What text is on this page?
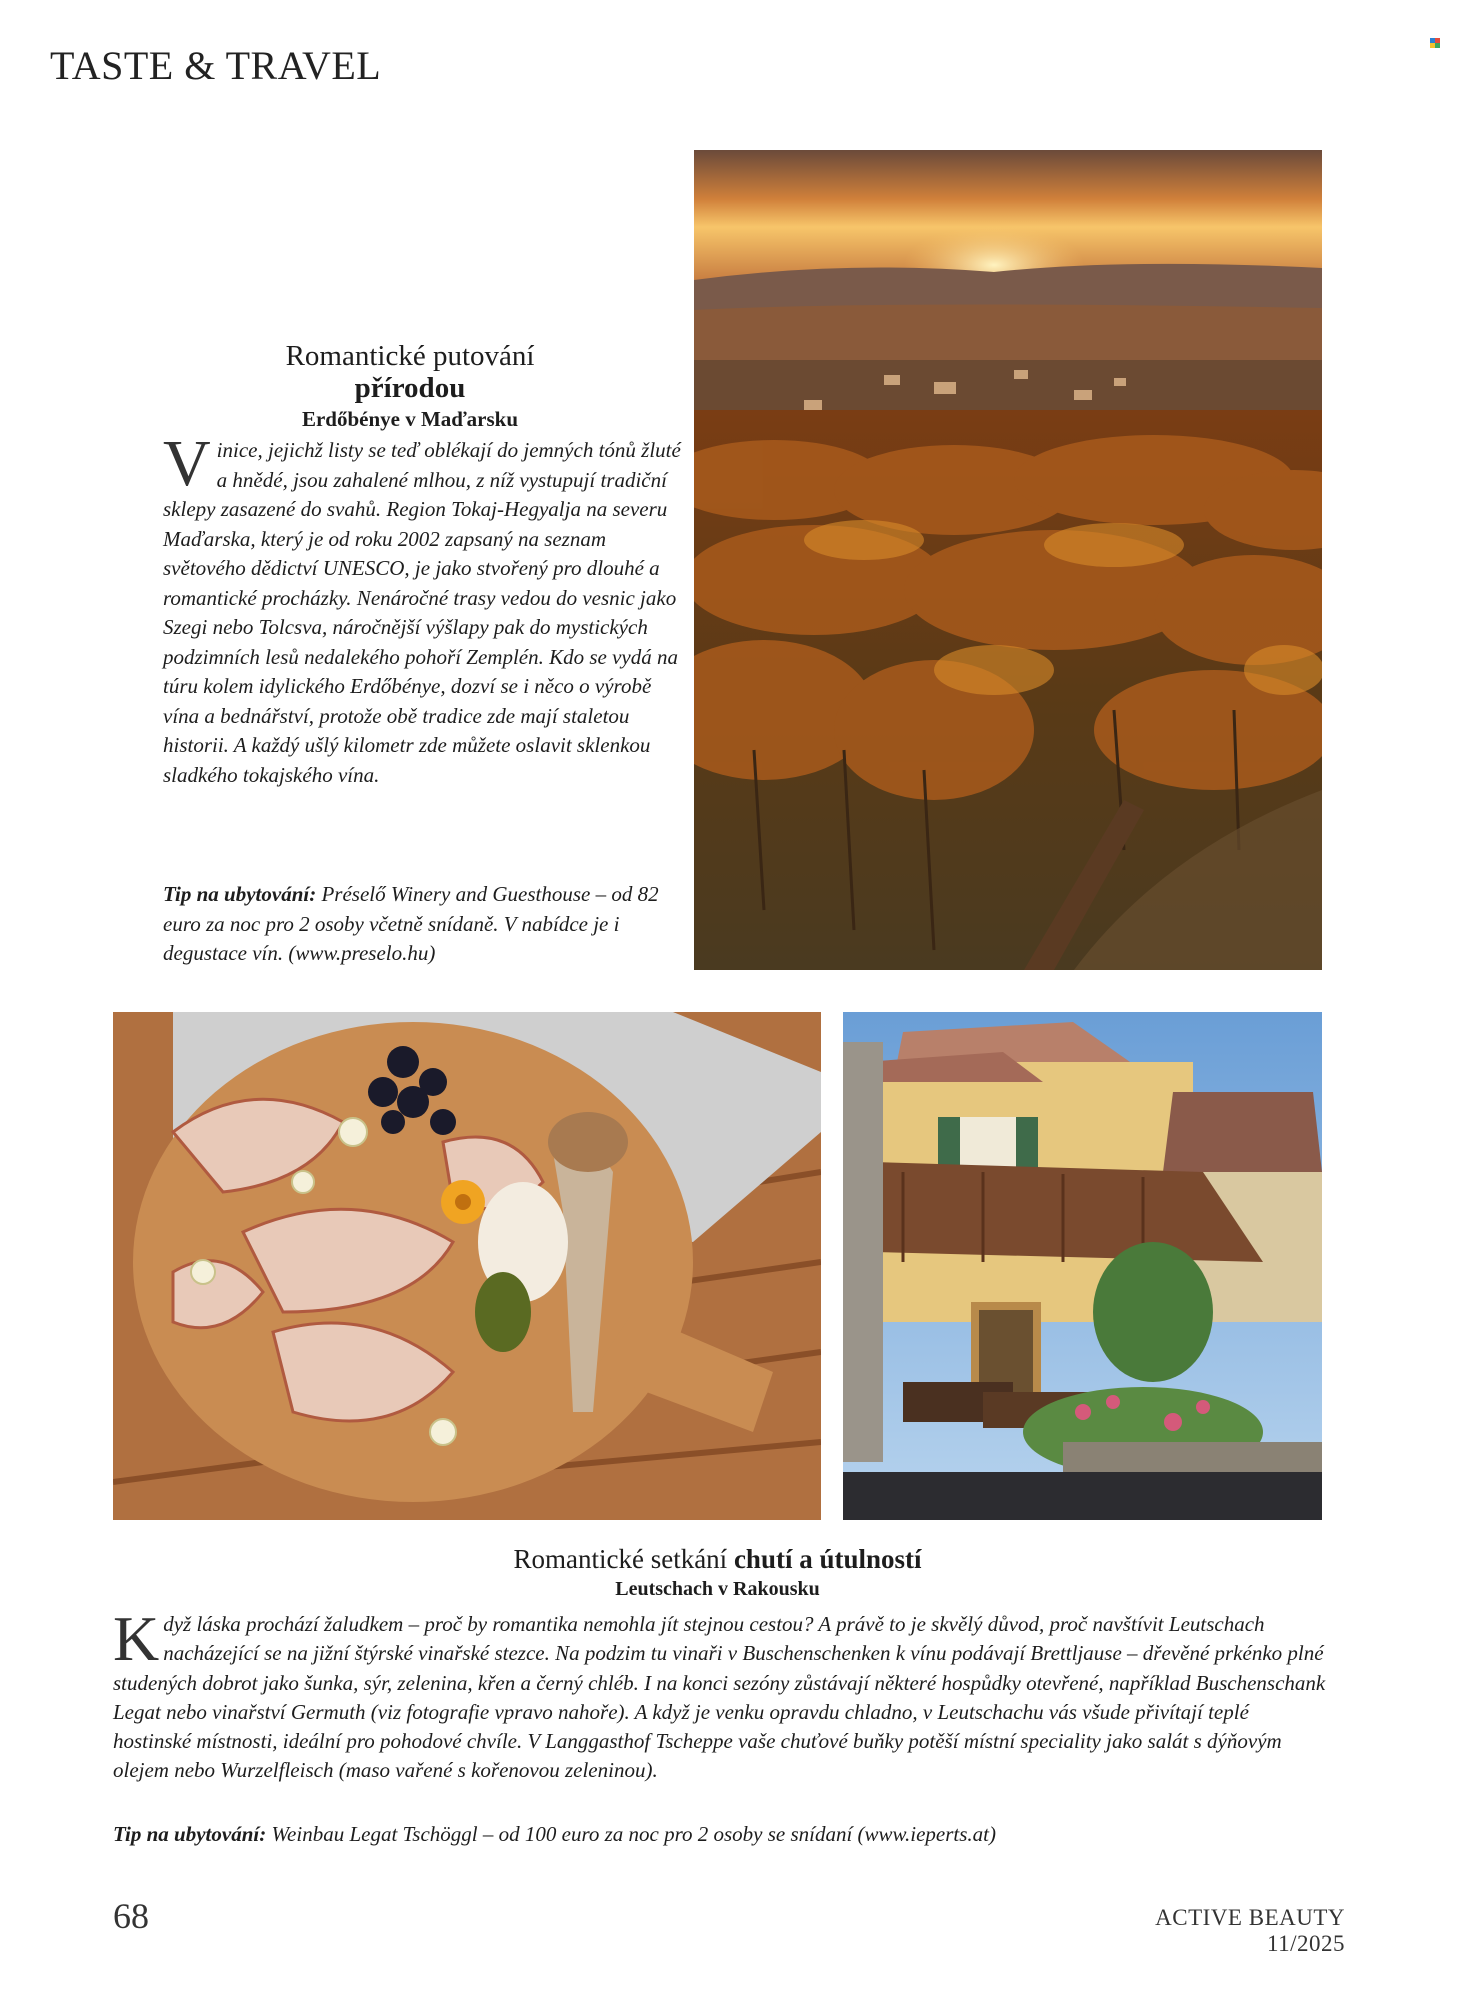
TASTE & TRAVEL
Romantické putování
přírodou
Erdőbénye v Maďarsku
Vinice, jejichž listy se teď oblékají do jemných tónů žluté a hnědé, jsou zahalené mlhou, z níž vystupují tradiční sklepy zasazené do svahů. Region Tokaj-Hegyalja na severu Maďarska, který je od roku 2002 zapsaný na seznam světového dědictví UNESCO, je jako stvořený pro dlouhé a romantické procházky. Nenáročné trasy vedou do vesnic jako Szegi nebo Tolcsva, náročnější výšlapy pak do mystických podzimních lesů nedalekého pohoří Zemplén. Kdo se vydá na túru kolem idylického Erdőbénye, dozví se i něco o výrobě vína a bednářství, protože obě tradice zde mají staletou historii. A každý ušlý kilometr zde můžete oslavit sklenkou sladkého tokajského vína.
Tip na ubytování: Préselő Winery and Guesthouse – od 82 euro za noc pro 2 osoby včetně snídaně. V nabídce je i degustace vín. (www.preselo.hu)
Romantické setkání chutí a útulností
Leutschach v Rakousku
Když láska prochází žaludkem – proč by romantika nemohla jít stejnou cestou? A právě to je skvělý důvod, proč navštívit Leutschach nacházející se na jižní štýrské vinařské stezce. Na podzim tu vinaři v Buschenschenken k vínu podávají Brettljause – dřevěné prkénko plné studených dobrot jako šunka, sýr, zelenina, křen a černý chléb. I na konci sezóny zůstávají některé hospůdky otevřené, například Buschenschank Legat nebo vinařství Germuth (viz fotografie vpravo nahoře). A když je venku opravdu chladno, v Leutschachu vás všude přivítají teplé hostinské místnosti, ideální pro pohodové chvíle. V Langgasthof Tscheppe vaše chuťové buňky potěší místní speciality jako salát s dýňovým olejem nebo Wurzelfleisch (maso vařené s kořenovou zeleninou).
Tip na ubytování: Weinbau Legat Tschöggl – od 100 euro za noc pro 2 osoby se snídaní (www.ieperts.at)
68	ACTIVE BEAUTY 11/2025
